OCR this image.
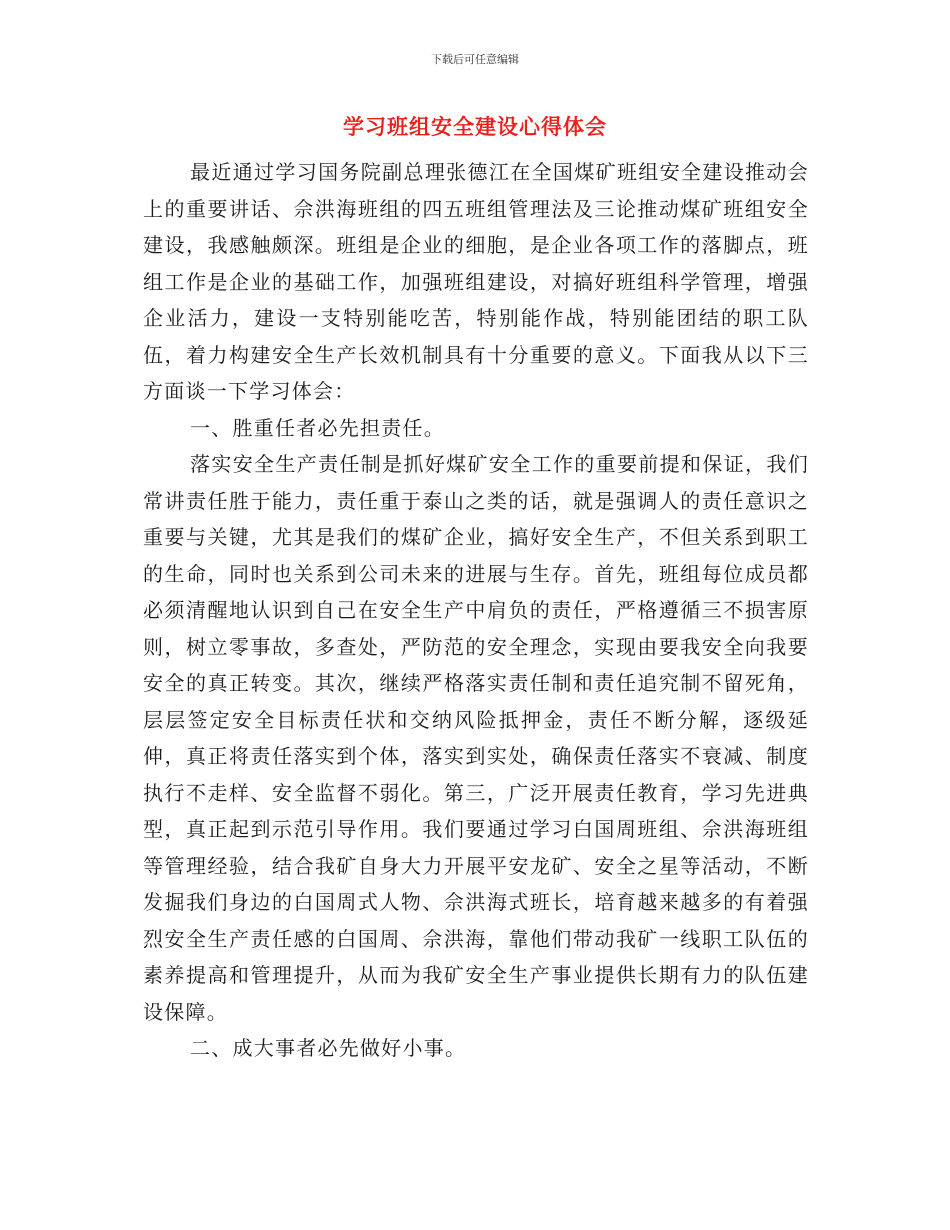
下载后可任意编辑
学习班组安全建设心得体会

最近通过学习国务院副总理张德江在全国煤矿班组安全建设推动会上的重要讲话、佘洪海班组的四五班组管理法及三论推动煤矿班组安全建设，我感触颇深。班组是企业的细胞，是企业各项工作的落脚点，班组工作是企业的基础工作，加强班组建设，对搞好班组科学管理，增强企业活力，建设一支特别能吃苦，特别能作战，特别能团结的职工队伍，着力构建安全生产长效机制具有十分重要的意义。下面我从以下三方面谈一下学习体会：

一、胜重任者必先担责任。

落实安全生产责任制是抓好煤矿安全工作的重要前提和保证，我们常讲责任胜于能力，责任重于泰山之类的话，就是强调人的责任意识之重要与关键，尤其是我们的煤矿企业，搞好安全生产，不但关系到职工的生命，同时也关系到公司未来的进展与生存。首先，班组每位成员都必须清醒地认识到自己在安全生产中肩负的责任，严格遵循三不损害原则，树立零事故，多查处，严防范的安全理念，实现由要我安全向我要安全的真正转变。其次，继续严格落实责任制和责任追究制不留死角，层层签定安全目标责任状和交纳风险抵押金，责任不断分解，逐级延伸，真正将责任落实到个体，落实到实处，确保责任落实不衰减、制度执行不走样、安全监督不弱化。第三，广泛开展责任教育，学习先进典型，真正起到示范引导作用。我们要通过学习白国周班组、佘洪海班组等管理经验，结合我矿自身大力开展平安龙矿、安全之星等活动，不断发掘我们身边的白国周式人物、佘洪海式班长，培育越来越多的有着强烈安全生产责任感的白国周、佘洪海，靠他们带动我矿一线职工队伍的素养提高和管理提升，从而为我矿安全生产事业提供长期有力的队伍建设保障。

二、成大事者必先做好小事。
